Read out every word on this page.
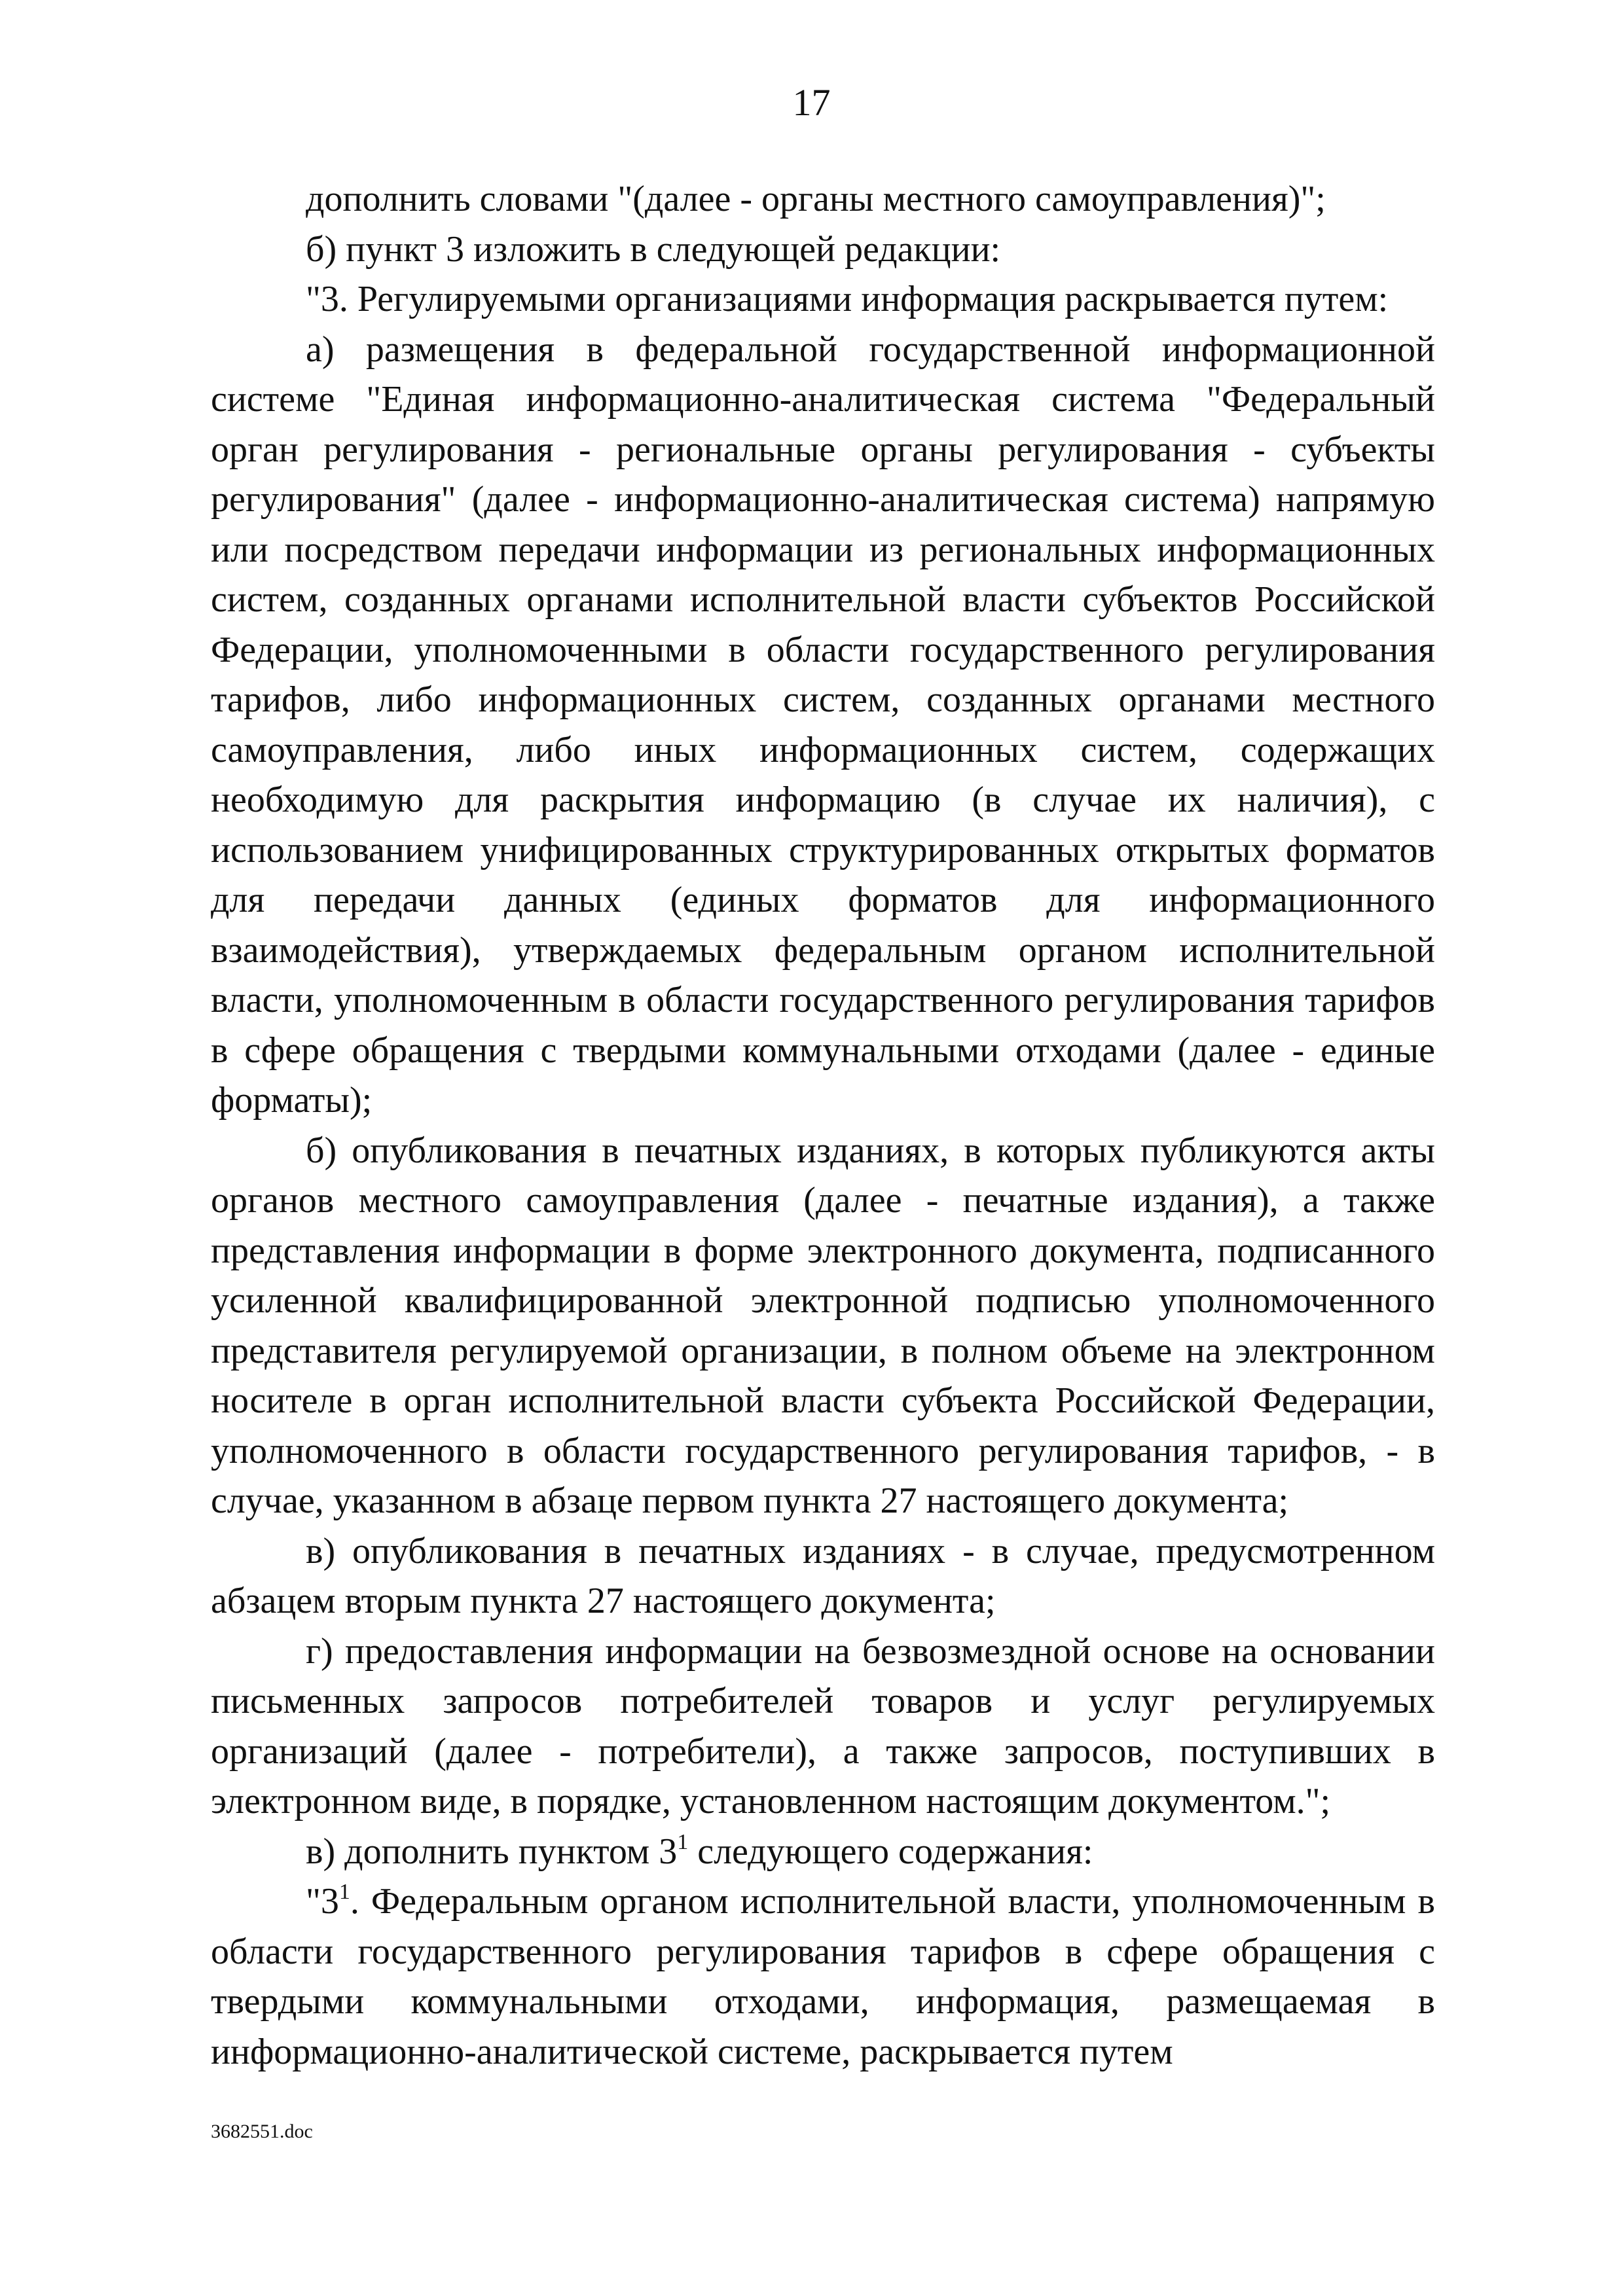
17

дополнить словами "(далее - органы местного самоуправления)";

б) пункт 3 изложить в следующей редакции:

"3. Регулируемыми организациями информация раскрывается путем:

а) размещения в федеральной государственной информационной системе "Единая информационно-аналитическая система "Федеральный орган регулирования - региональные органы регулирования - субъекты регулирования" (далее - информационно-аналитическая система) напрямую или посредством передачи информации из региональных информационных систем, созданных органами исполнительной власти субъектов Российской Федерации, уполномоченными в области государственного регулирования тарифов, либо информационных систем, созданных органами местного самоуправления, либо иных информационных систем, содержащих необходимую для раскрытия информацию (в случае их наличия), с использованием унифицированных структурированных открытых форматов для передачи данных (единых форматов для информационного взаимодействия), утверждаемых федеральным органом исполнительной власти, уполномоченным в области государственного регулирования тарифов в сфере обращения с твердыми коммунальными отходами (далее - единые форматы);

б) опубликования в печатных изданиях, в которых публикуются акты органов местного самоуправления (далее - печатные издания), а также представления информации в форме электронного документа, подписанного усиленной квалифицированной электронной подписью уполномоченного представителя регулируемой организации, в полном объеме на электронном носителе в орган исполнительной власти субъекта Российской Федерации, уполномоченного в области государственного регулирования тарифов, - в случае, указанном в абзаце первом пункта 27 настоящего документа;

в) опубликования в печатных изданиях - в случае, предусмотренном абзацем вторым пункта 27 настоящего документа;

г) предоставления информации на безвозмездной основе на основании письменных запросов потребителей товаров и услуг регулируемых организаций (далее - потребители), а также запросов, поступивших в электронном виде, в порядке, установленном настоящим документом.";

в) дополнить пунктом $3^1$ следующего содержания:

"$3^1$. Федеральным органом исполнительной власти, уполномоченным в области государственного регулирования тарифов в сфере обращения с твердыми коммунальными отходами, информация, размещаемая в информационно-аналитической системе, раскрывается путем

3682551.doc
